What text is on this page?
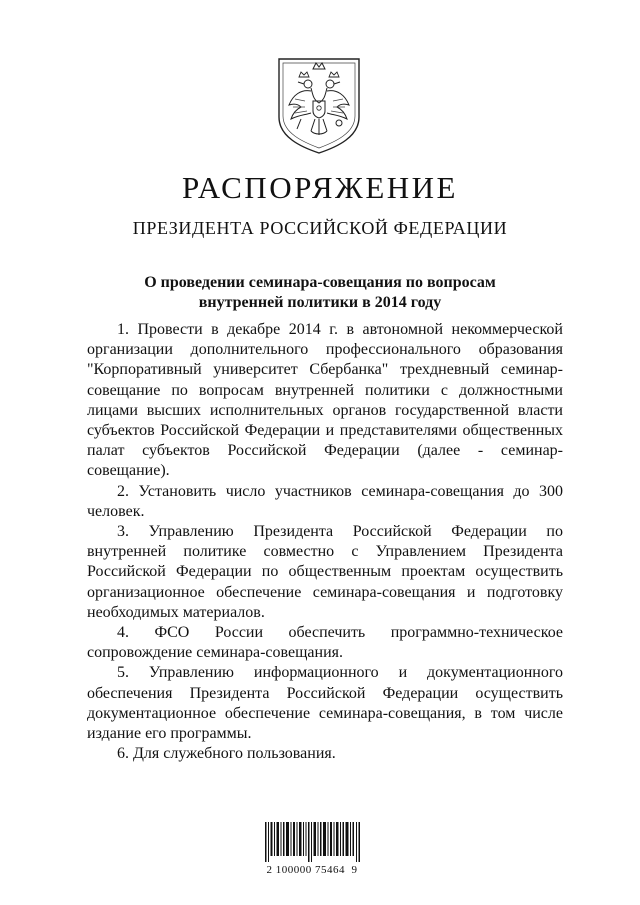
РАСПОРЯЖЕНИЕ
ПРЕЗИДЕНТА РОССИЙСКОЙ ФЕДЕРАЦИИ
О проведении семинара-совещания по вопросам
внутренней политики в 2014 году

1. Провести в декабре 2014 г. в автономной некоммерческой организации дополнительного профессионального образования "Корпоративный университет Сбербанка" трехдневный семинар-совещание по вопросам внутренней политики с должностными лицами высших исполнительных органов государственной власти субъектов Российской Федерации и представителями общественных палат субъектов Российской Федерации (далее - семинар-совещание).

2. Установить число участников семинара-совещания до 300 человек.

3. Управлению Президента Российской Федерации по внутренней политике совместно с Управлением Президента Российской Федерации по общественным проектам осуществить организационное обеспечение семинара-совещания и подготовку необходимых материалов.

4. ФСО России обеспечить программно-техническое сопровождение семинара-совещания.

5. Управлению информационного и документационного обеспечения Президента Российской Федерации осуществить документационное обеспечение семинара-совещания, в том числе издание его программы.

6. Для служебного пользования.

2 100000 75464  9
